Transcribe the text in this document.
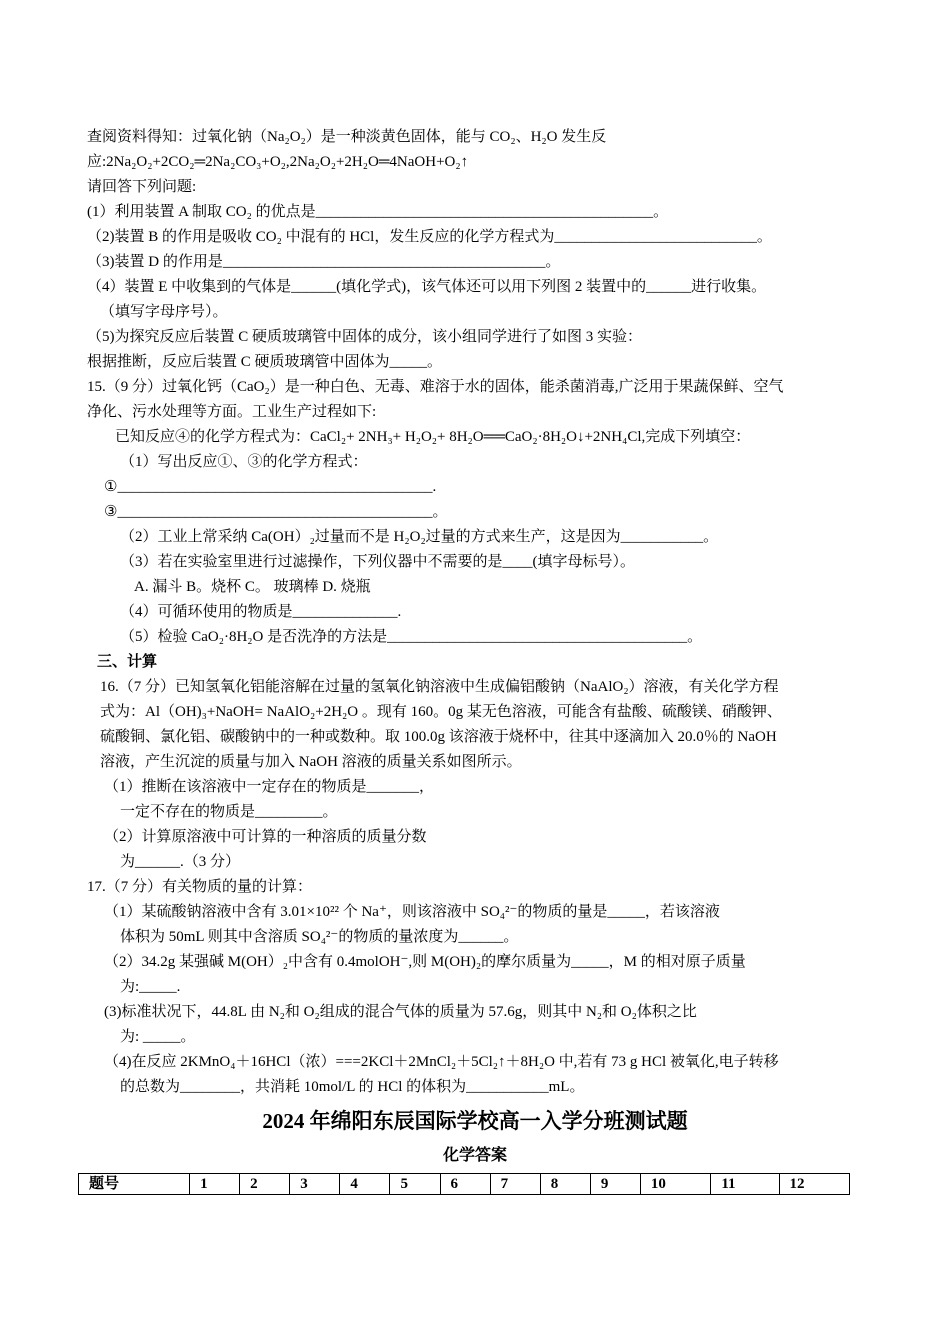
查阅资料得知：过氧化钠（Na₂O₂）是一种淡黄色固体，能与 CO₂、H₂O 发生反
应:2Na₂O₂+2CO₂═2Na₂CO₃+O₂,2Na₂O₂+2H₂O═4NaOH+O₂↑
请回答下列问题:
(1）利用装置 A 制取 CO₂ 的优点是_____________________________________________。
（2)装置 B 的作用是吸收 CO₂ 中混有的 HCl，发生反应的化学方程式为___________________________。
（3)装置 D 的作用是___________________________________________。
（4）装置 E 中收集到的气体是______(填化学式)，该气体还可以用下列图 2 装置中的______进行收集。
（填写字母序号）。
（5)为探究反应后装置 C 硬质玻璃管中固体的成分，该小组同学进行了如图 3 实验：
根据推断，反应后装置 C 硬质玻璃管中固体为_____。
15.（9 分）过氧化钙（CaO₂）是一种白色、无毒、难溶于水的固体，能杀菌消毒,广泛用于果蔬保鲜、空气
净化、污水处理等方面。工业生产过程如下:
已知反应④的化学方程式为：CaCl₂+ 2NH₃+ H₂O₂+ 8H₂O══CaO₂·8H₂O↓+2NH₄Cl,完成下列填空：
（1）写出反应①、③的化学方程式：
①__________________________________________.
③__________________________________________。
（2）工业上常采纳 Ca(OH）₂过量而不是 H₂O₂过量的方式来生产，这是因为___________。
（3）若在实验室里进行过滤操作，下列仪器中不需要的是____(填字母标号）。
A. 漏斗 B。烧杯 C。 玻璃棒 D. 烧瓶
（4）可循环使用的物质是______________.
（5）检验 CaO₂·8H₂O 是否洗净的方法是________________________________________。
三、计算
16.（7 分）已知氢氧化铝能溶解在过量的氢氧化钠溶液中生成偏铝酸钠（NaAlO₂）溶液，有关化学方程
式为：Al（OH)₃+NaOH= NaAlO₂+2H₂O 。现有 160。0g 某无色溶液，可能含有盐酸、硫酸镁、硝酸钾、
硫酸铜、氯化铝、碳酸钠中的一种或数种。取 100.0g 该溶液于烧杯中，往其中逐滴加入 20.0％的 NaOH
溶液，产生沉淀的质量与加入 NaOH 溶液的质量关系如图所示。
（1）推断在该溶液中一定存在的物质是_______，
一定不存在的物质是_________。
（2）计算原溶液中可计算的一种溶质的质量分数
为______.（3 分）
17.（7 分）有关物质的量的计算：
（1）某硫酸钠溶液中含有 3.01×10²² 个 Na⁺，则该溶液中 SO₄²⁻的物质的量是_____，若该溶液
体积为 50mL 则其中含溶质 SO₄²⁻的物质的量浓度为______。
（2）34.2g 某强碱 M(OH）₂中含有 0.4molOH⁻,则 M(OH)₂的摩尔质量为_____，M 的相对原子质量
为:_____.
(3)标准状况下，44.8L 由 N₂和 O₂组成的混合气体的质量为 57.6g，则其中 N₂和 O₂体积之比
为: _____。
（4)在反应 2KMnO₄＋16HCl（浓）===2KCl＋2MnCl₂＋5Cl₂↑＋8H₂O 中,若有 73 g HCl 被氧化,电子转移
的总数为________，共消耗 10mol/L 的 HCl 的体积为___________mL。
2024 年绵阳东辰国际学校高一入学分班测试题
化学答案
题号	1	2	3	4	5	6	7	8	9	10	11	12
